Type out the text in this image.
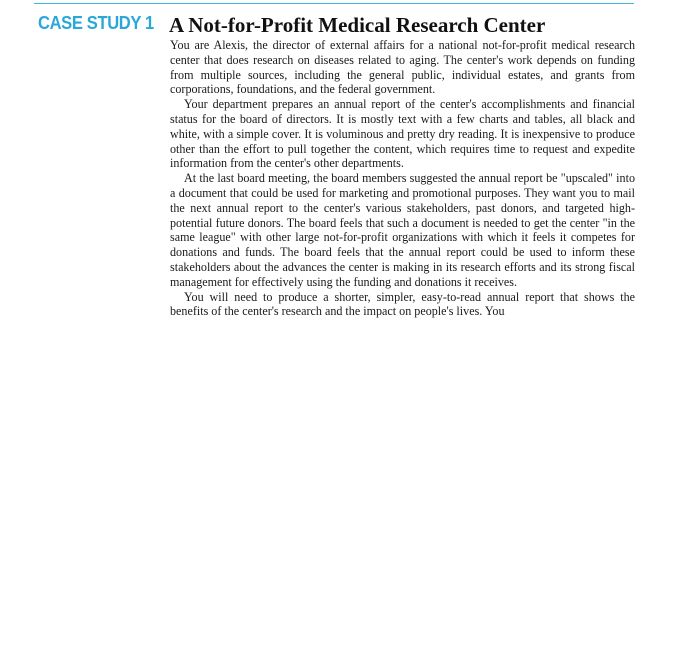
CASE STUDY 1 A Not-for-Profit Medical Research Center

You are Alexis, the director of external affairs for a national not-for-profit medical research center that does research on diseases related to aging. The center's work depends on funding from multiple sources, including the general public, individual estates, and grants from corporations, foundations, and the federal government.

Your department prepares an annual report of the center's accomplishments and financial status for the board of directors. It is mostly text with a few charts and tables, all black and white, with a simple cover. It is voluminous and pretty dry reading. It is inexpensive to produce other than the effort to pull together the content, which requires time to request and expedite information from the center's other departments.

At the last board meeting, the board members suggested the annual report be "upscaled" into a document that could be used for marketing and promotional purposes. They want you to mail the next annual report to the center's various stakeholders, past donors, and targeted high-potential future donors. The board feels that such a document is needed to get the center "in the same league" with other large not-for-profit organizations with which it feels it competes for donations and funds. The board feels that the annual report could be used to inform these stakeholders about the advances the center is making in its research efforts and its strong fiscal management for effectively using the funding and donations it receives.

You will need to produce a shorter, simpler, easy-to-read annual report that shows the benefits of the center's research and the impact on people's lives. You
